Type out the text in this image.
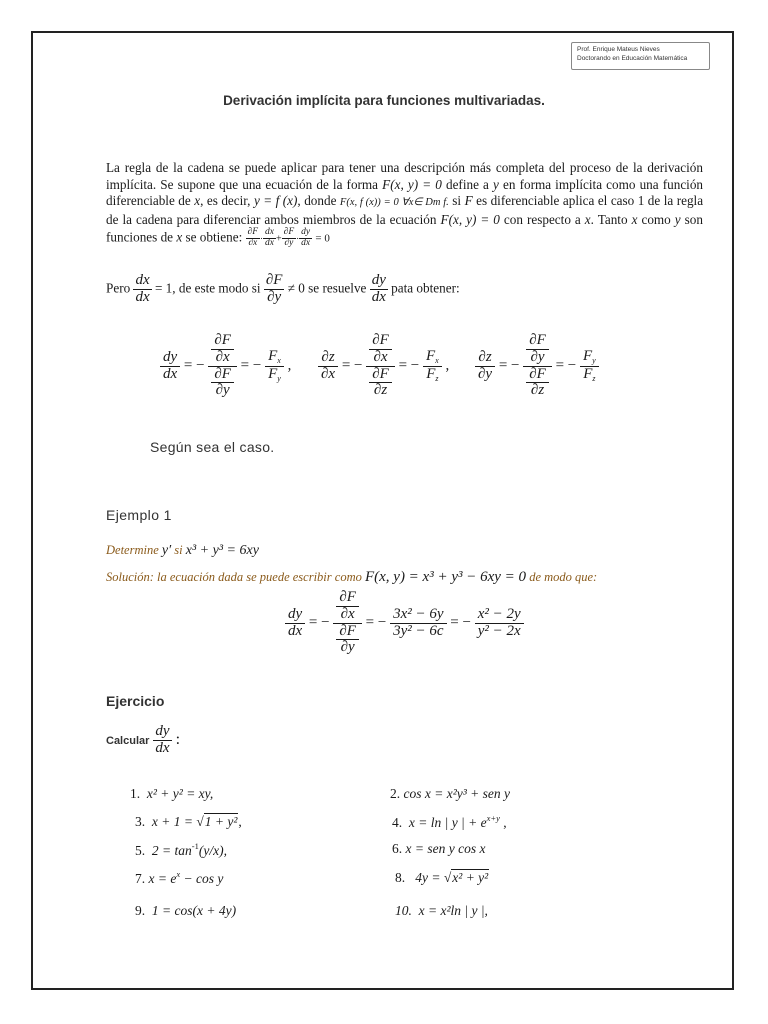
Prof. Enrique Mateus Nieves
Doctorando en Educación Matemática
Derivación implícita para funciones multivariadas.
La regla de la cadena se puede aplicar para tener una descripción más completa del proceso de la derivación implícita. Se supone que una ecuación de la forma F(x, y) = 0 define a y en forma implícita como una función diferenciable de x, es decir, y = f (x), donde F(x, f (x)) = 0 ∀x∈ Dm f. si F es diferenciable aplica el caso 1 de la regla de la cadena para diferenciar ambos miembros de la ecuación F(x, y) = 0 con respecto a x. Tanto x como y son funciones de x se obtiene: $\frac{\partial F}{\partial x} \cdot \frac{dx}{dx} + \frac{\partial F}{\partial y} \cdot \frac{dy}{dx} = 0$
Pero $\frac{dx}{dx} = 1$, de este modo si $\frac{\partial F}{\partial y} \ne 0$ se resuelve $\frac{dy}{dx}$ pata obtener:
$\frac{dy}{dx}$ = − $\frac{\frac{\partial F}{\partial x}}{\frac{\partial F}{\partial y}}$ = − $\frac{F_x}{F_y}$ , $\frac{\partial z}{\partial x}$ = − $\frac{\frac{\partial F}{\partial x}}{\frac{\partial F}{\partial z}}$ = − $\frac{F_x}{F_z}$ , $\frac{\partial z}{\partial y}$ = − $\frac{\frac{\partial F}{\partial y}}{\frac{\partial F}{\partial z}}$ = − $\frac{F_y}{F_z}$
Según sea el caso.
Ejemplo 1
Determine y′ si x³ + y³ = 6xy
Solución: la ecuación dada se puede escribir como F(x, y) = x³ + y³ − 6xy = 0 de modo que:
$\frac{dy}{dx}$ = − $\frac{\frac{\partial F}{\partial x}}{\frac{\partial F}{\partial y}}$ = − $\frac{\text{3x² − 6y}}{\text{3y² − 6c}}$ = − $\frac{\text{x² − 2y}}{\text{y² − 2x}}$
Ejercicio
Calcular $\frac{dy}{dx}$ :
1. x² + y² = xy,	2. cos x = x²y³ + sen y
3. x + 1 = √1 + y²,	4. x = ln | y | + $e^{x+y}$ ,
5. $2 = \tan^{-1}(y/x)$,	6. x = sen y cos x
7. $x = e^x - \cos y$	8. 4y = √x² + y²
9. 1 = cos(x + 4y)	10. x = x²ln | y |,
